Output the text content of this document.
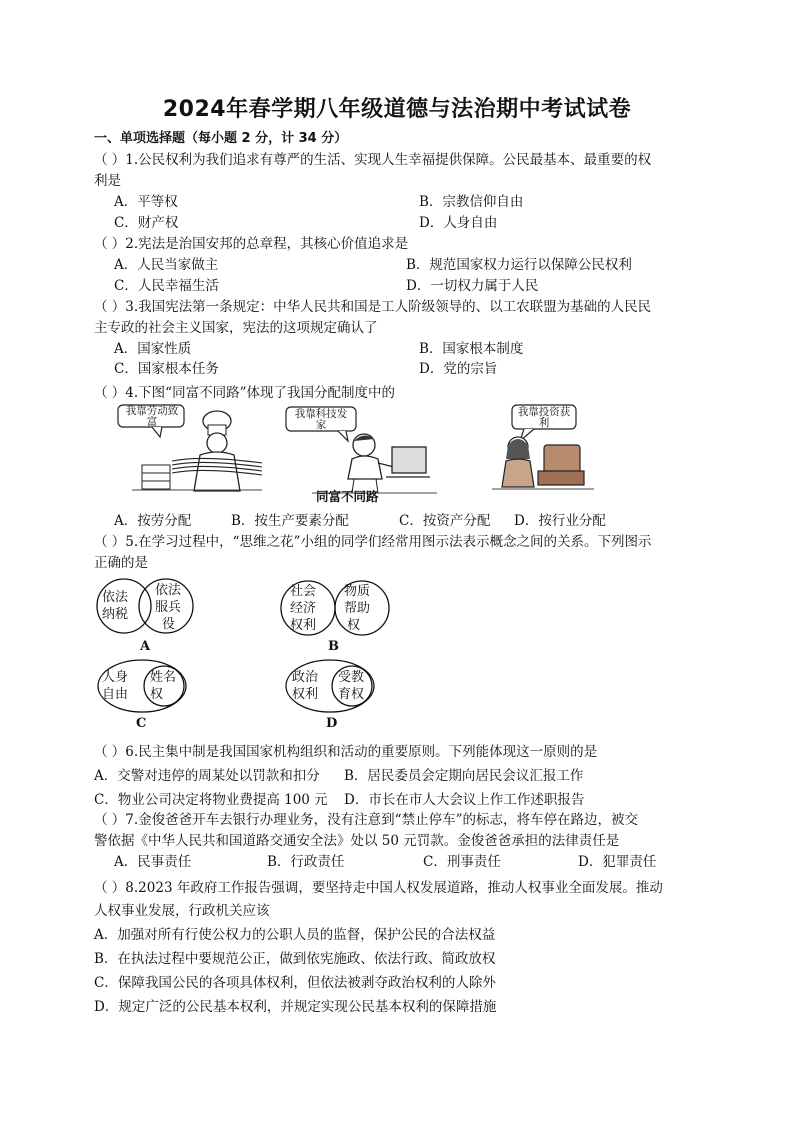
2024年春学期八年级道德与法治期中考试试卷
一、单项选择题（每小题 2 分，计 34 分）
（ ）1.公民权利为我们追求有尊严的生活、实现人生幸福提供保障。公民最基本、最重要的权
利是
A．平等权	B．宗教信仰自由
C．财产权	D．人身自由
（ ）2.宪法是治国安邦的总章程，其核心价值追求是
A．人民当家做主	B．规范国家权力运行以保障公民权利
C．人民幸福生活	D．一切权力属于人民
（ ）3.我国宪法第一条规定：中华人民共和国是工人阶级领导的、以工农联盟为基础的人民民
主专政的社会主义国家，宪法的这项规定确认了
A．国家性质	B．国家根本制度
C．国家根本任务	D．党的宗旨
（ ）4.下图“同富不同路”体现了我国分配制度中的
我靠劳动致富
我靠科技发家
我靠投资获利
同富不同路
A．按劳分配	B．按生产要素分配	C．按资产分配 D．按行业分配
（ ）5.在学习过程中，“思维之花”小组的同学们经常用图示法表示概念之间的关系。下列图示
正确的是
依法
纳税
依法
服兵
役
A
社会
经济
权利
物质
帮助
权
B
人身
自由
姓名
权
C
政治
权利
受教
育权
D
（ ）6.民主集中制是我国国家机构组织和活动的重要原则。下列能体现这一原则的是
A．交警对违停的周某处以罚款和扣分 B．居民委员会定期向居民会议汇报工作
C．物业公司决定将物业费提高 100 元 D．市长在市人大会议上作工作述职报告
（ ）7.金俊爸爸开车去银行办理业务，没有注意到“禁止停车”的标志，将车停在路边，被交
警依据《中华人民共和国道路交通安全法》处以 50 元罚款。金俊爸爸承担的法律责任是
A．民事责任	B．行政责任	C．刑事责任	D．犯罪责任
（ ）8.2023 年政府工作报告强调，要坚持走中国人权发展道路，推动人权事业全面发展。推动
人权事业发展，行政机关应该
A．加强对所有行使公权力的公职人员的监督，保护公民的合法权益
B．在执法过程中要规范公正，做到依宪施政、依法行政、简政放权
C．保障我国公民的各项具体权利，但依法被剥夺政治权利的人除外
D．规定广泛的公民基本权利，并规定实现公民基本权利的保障措施
